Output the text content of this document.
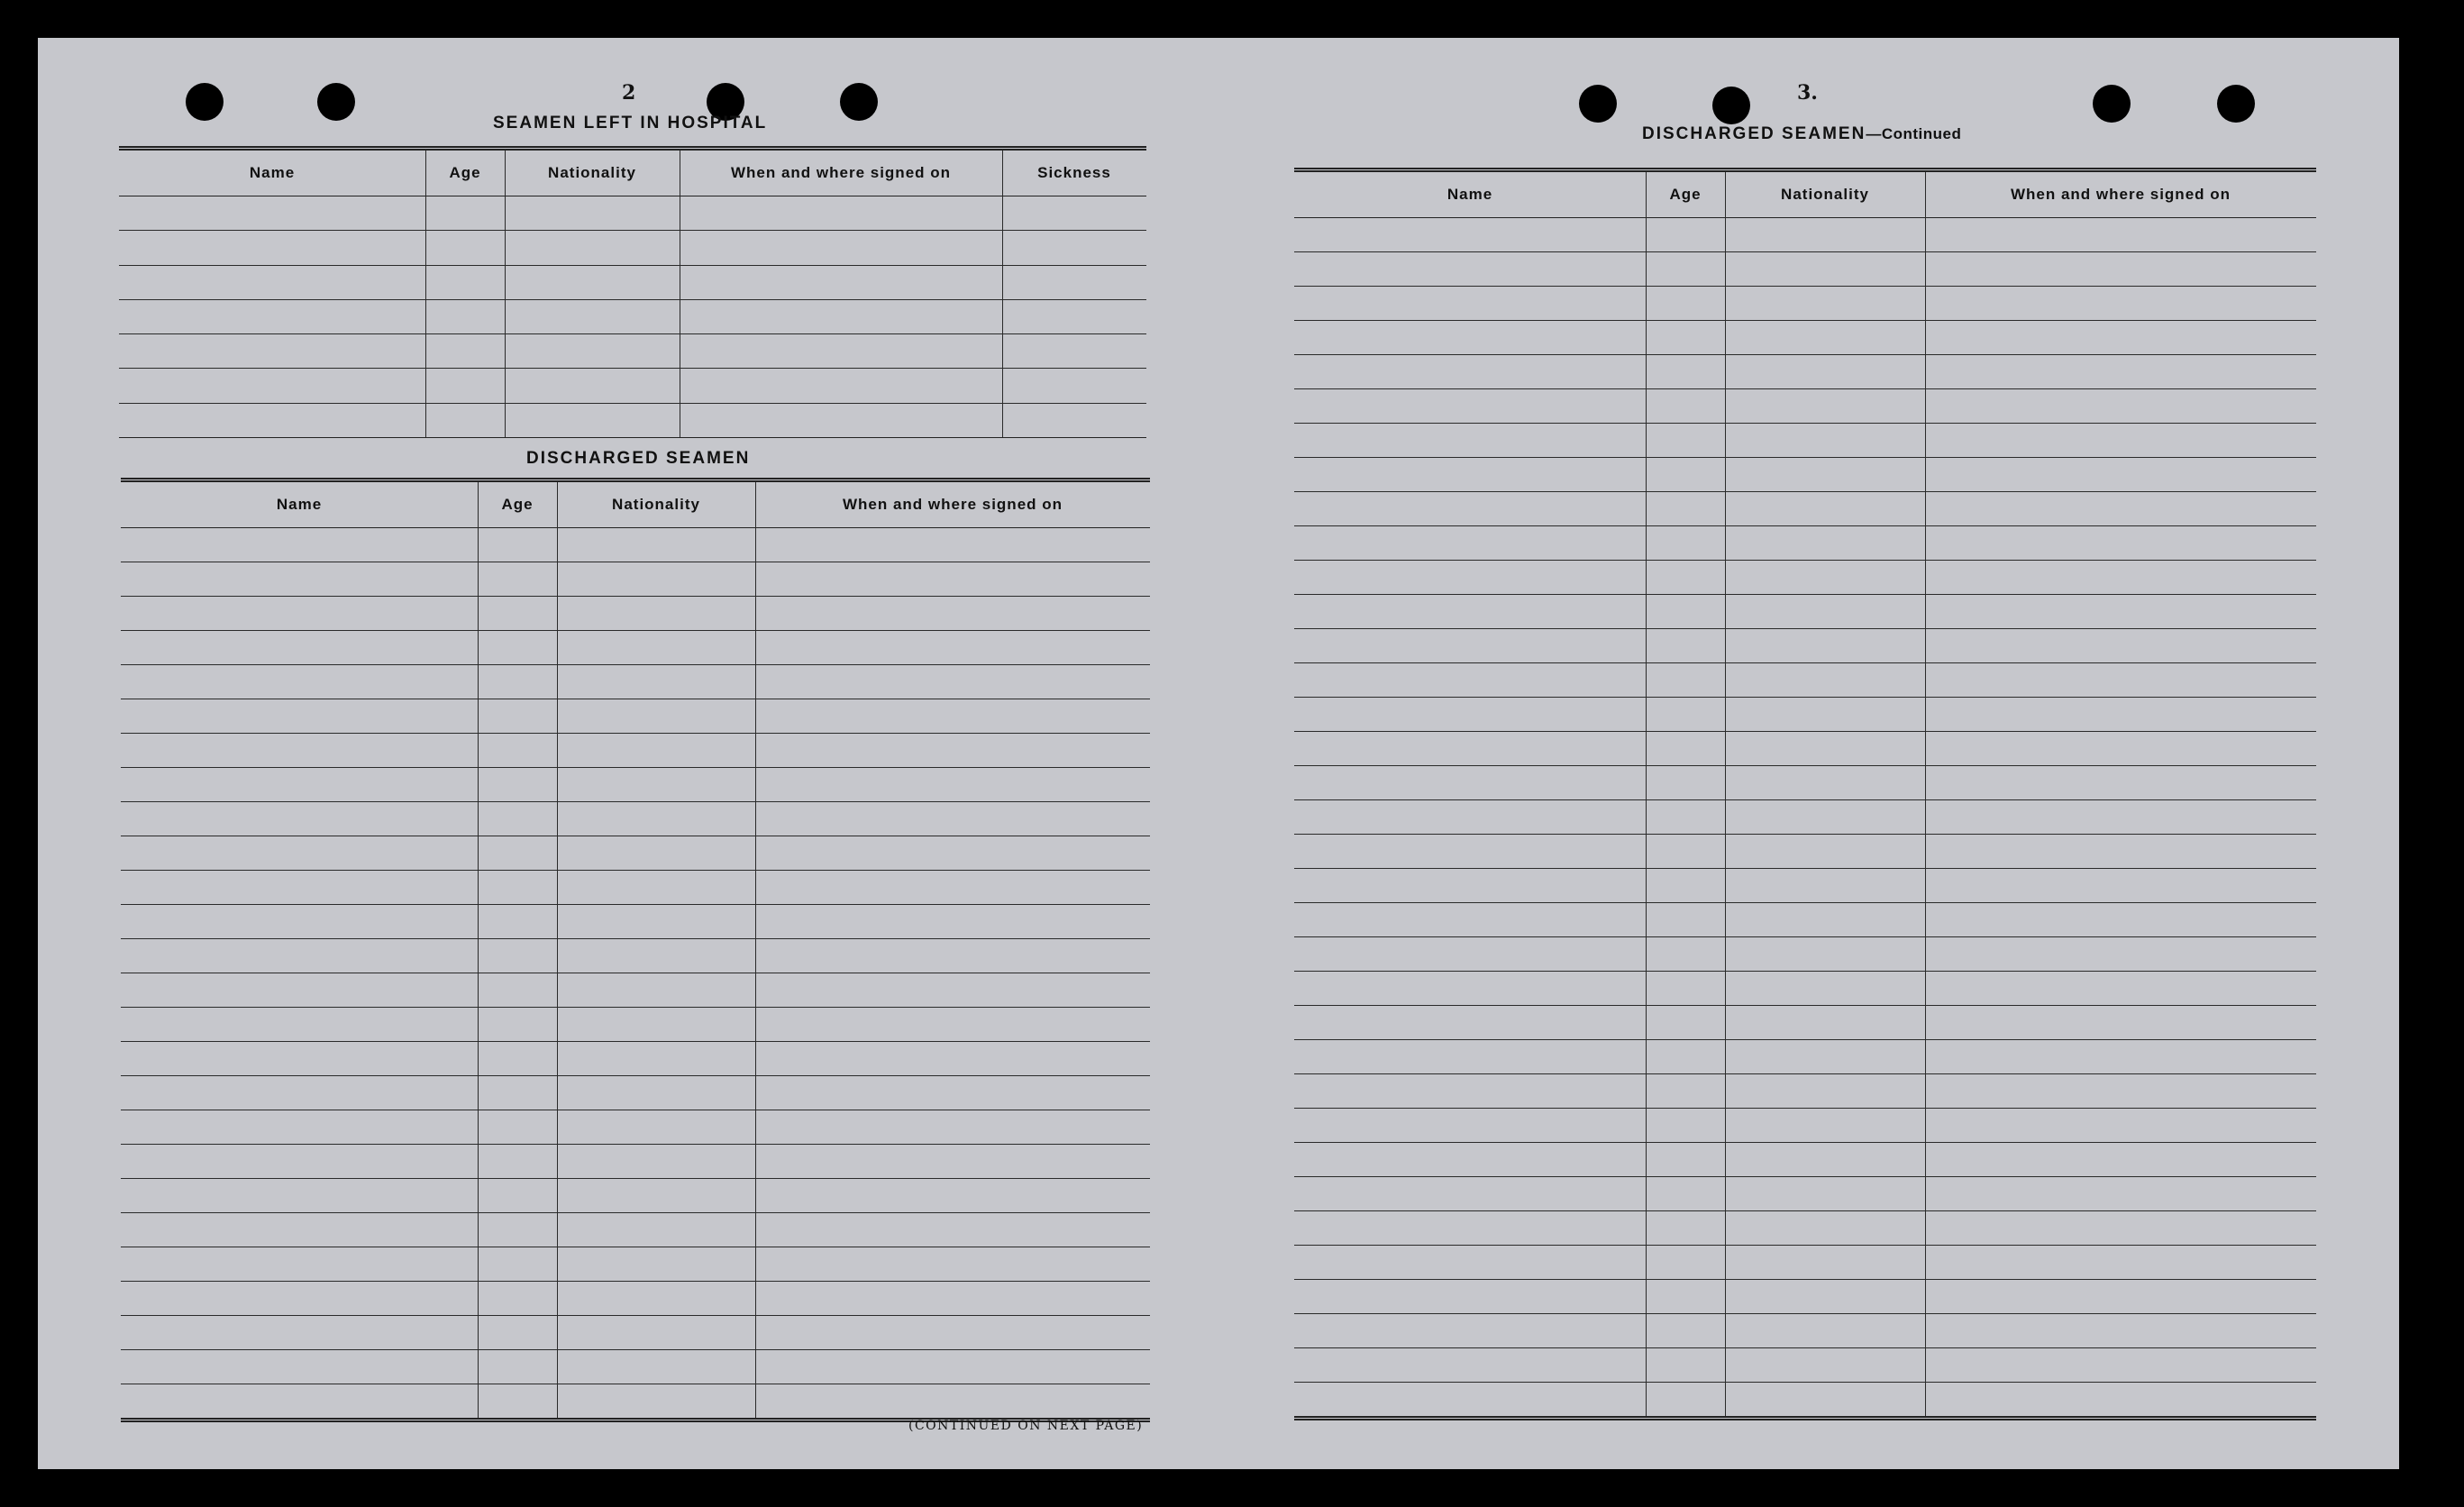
2
SEAMEN LEFT IN HOSPITAL
Name	Age	Nationality	When and where signed on	Sickness
DISCHARGED SEAMEN
Name	Age	Nationality	When and where signed on
(CONTINUED ON NEXT PAGE)
3.
DISCHARGED SEAMEN—Continued
Name	Age	Nationality	When and where signed on
